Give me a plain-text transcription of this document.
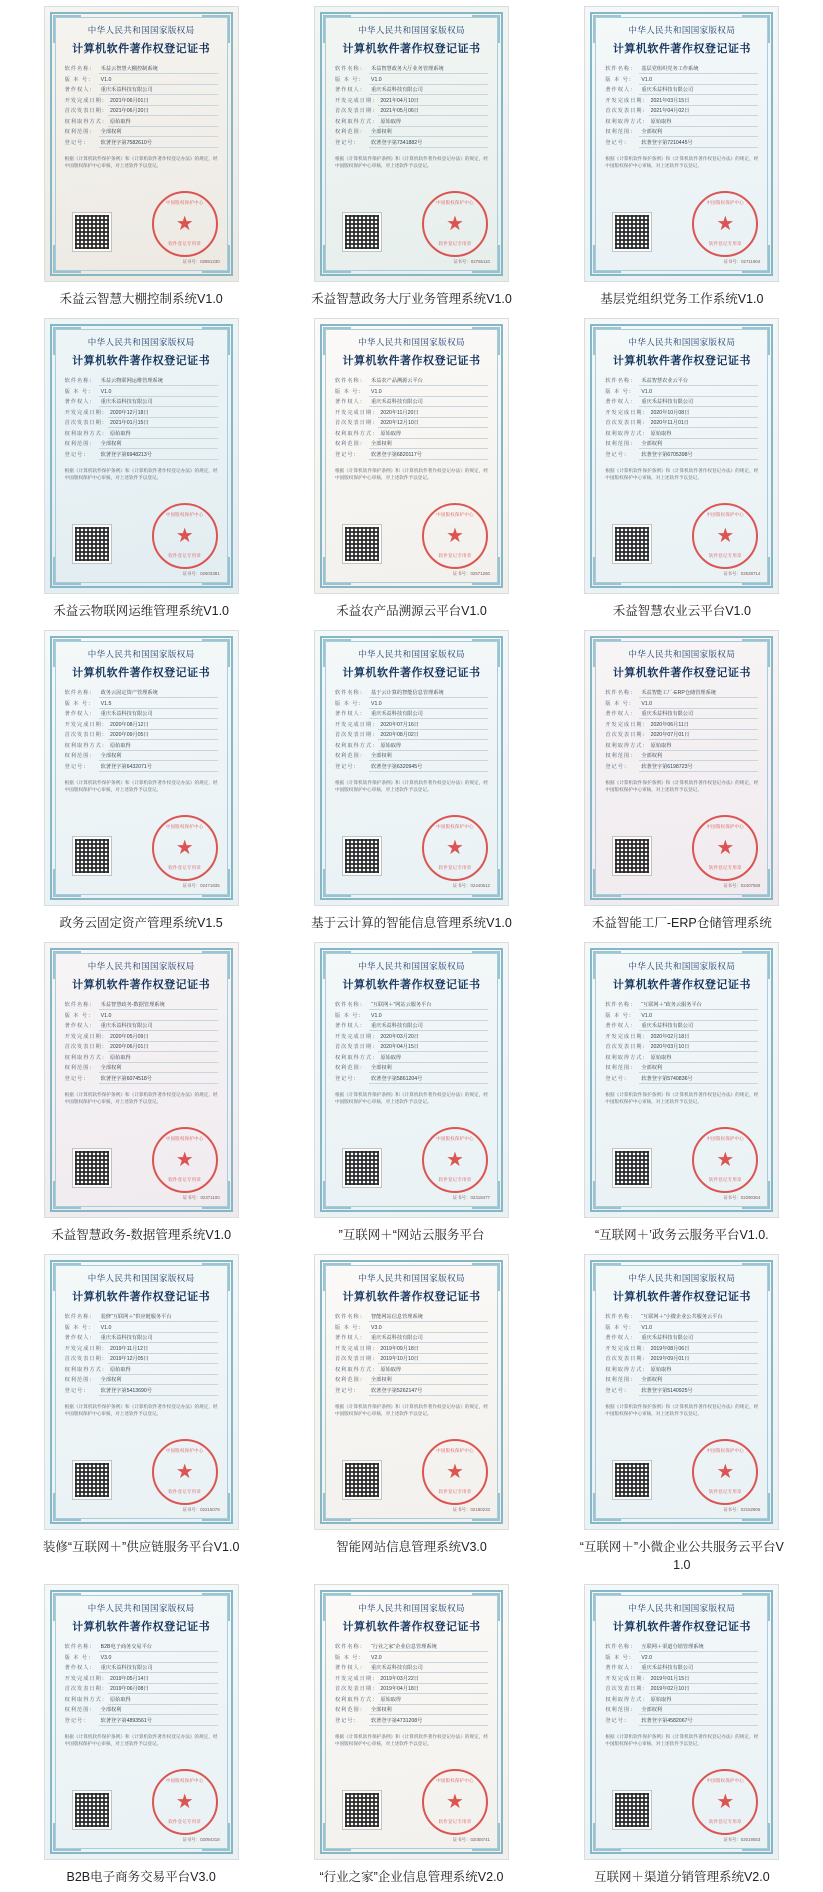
中华人民共和国国家版权局
计算机软件著作权登记证书
软件名称： 禾益云智慧大棚控制系统
版 本 号：	V1.0
著作权人： 重庆禾益科技有限公司
开发完成日期： 2021年06月01日
首次发表日期： 2021年06月20日
权利取得方式： 原始取得
权利范围： 全部权利
登记号：	软著登字第7582610号
根据《计算机软件保护条例》和《计算机软件著作权登记办法》的规定，经中国版权保护中心审核，对上述软件予以登记。
中国版权保护中心
★
软件登记专用章
证书号：02891230
禾益云智慧大棚控制系统V1.0
中华人民共和国国家版权局
计算机软件著作权登记证书
软件名称： 禾益智慧政务大厅业务管理系统
版 本 号：	V1.0
著作权人： 重庆禾益科技有限公司
开发完成日期： 2021年04月10日
首次发表日期： 2021年05月06日
权利取得方式： 原始取得
权利范围： 全部权利
登记号：	软著登字第7341882号
根据《计算机软件保护条例》和《计算机软件著作权登记办法》的规定，经中国版权保护中心审核，对上述软件予以登记。
中国版权保护中心
★
软件登记专用章
证书号：02765110
禾益智慧政务大厅业务管理系统V1.0
中华人民共和国国家版权局
计算机软件著作权登记证书
软件名称： 基层党组织党务工作系统
版 本 号：	V1.0
著作权人： 重庆禾益科技有限公司
开发完成日期： 2021年03月15日
首次发表日期： 2021年04月02日
权利取得方式： 原始取得
权利范围： 全部权利
登记号：	软著登字第7210445号
根据《计算机软件保护条例》和《计算机软件著作权登记办法》的规定，经中国版权保护中心审核，对上述软件予以登记。
中国版权保护中心
★
软件登记专用章
证书号：02711904
基层党组织党务工作系统V1.0
中华人民共和国国家版权局
计算机软件著作权登记证书
软件名称： 禾益云物联网运维管理系统
版 本 号：	V1.0
著作权人： 重庆禾益科技有限公司
开发完成日期： 2020年12月18日
首次发表日期： 2021年01月15日
权利取得方式： 原始取得
权利范围： 全部权利
登记号：	软著登字第6948213号
根据《计算机软件保护条例》和《计算机软件著作权登记办法》的规定，经中国版权保护中心审核，对上述软件予以登记。
中国版权保护中心
★
软件登记专用章
证书号：02603381
禾益云物联网运维管理系统V1.0
中华人民共和国国家版权局
计算机软件著作权登记证书
软件名称： 禾益农产品溯源云平台
版 本 号：	V1.0
著作权人： 重庆禾益科技有限公司
开发完成日期： 2020年11月20日
首次发表日期： 2020年12月10日
权利取得方式： 原始取得
权利范围： 全部权利
登记号：	软著登字第6820117号
根据《计算机软件保护条例》和《计算机软件著作权登记办法》的规定，经中国版权保护中心审核，对上述软件予以登记。
中国版权保护中心
★
软件登记专用章
证书号：02571260
禾益农产品溯源云平台V1.0
中华人民共和国国家版权局
计算机软件著作权登记证书
软件名称： 禾益智慧农业云平台
版 本 号：	V1.0
著作权人： 重庆禾益科技有限公司
开发完成日期： 2020年10月08日
首次发表日期： 2020年11月01日
权利取得方式： 原始取得
权利范围： 全部权利
登记号：	软著登字第6705398号
根据《计算机软件保护条例》和《计算机软件著作权登记办法》的规定，经中国版权保护中心审核，对上述软件予以登记。
中国版权保护中心
★
软件登记专用章
证书号：02528714
禾益智慧农业云平台V1.0
中华人民共和国国家版权局
计算机软件著作权登记证书
软件名称： 政务云固定资产管理系统
版 本 号：	V1.5
著作权人： 重庆禾益科技有限公司
开发完成日期： 2020年08月12日
首次发表日期： 2020年09月05日
权利取得方式： 原始取得
权利范围： 全部权利
登记号：	软著登字第6432071号
根据《计算机软件保护条例》和《计算机软件著作权登记办法》的规定，经中国版权保护中心审核，对上述软件予以登记。
中国版权保护中心
★
软件登记专用章
证书号：02471835
政务云固定资产管理系统V1.5
中华人民共和国国家版权局
计算机软件著作权登记证书
软件名称： 基于云计算的智能信息管理系统
版 本 号：	V1.0
著作权人： 重庆禾益科技有限公司
开发完成日期： 2020年07月16日
首次发表日期： 2020年08月02日
权利取得方式： 原始取得
权利范围： 全部权利
登记号：	软著登字第6320945号
根据《计算机软件保护条例》和《计算机软件著作权登记办法》的规定，经中国版权保护中心审核，对上述软件予以登记。
中国版权保护中心
★
软件登记专用章
证书号：02440612
基于云计算的智能信息管理系统V1.0
中华人民共和国国家版权局
计算机软件著作权登记证书
软件名称： 禾益智能工厂-ERP仓储管理系统
版 本 号：	V1.0
著作权人： 重庆禾益科技有限公司
开发完成日期： 2020年06月11日
首次发表日期： 2020年07月01日
权利取得方式： 原始取得
权利范围： 全部权利
登记号：	软著登字第6198723号
根据《计算机软件保护条例》和《计算机软件著作权登记办法》的规定，经中国版权保护中心审核，对上述软件予以登记。
中国版权保护中心
★
软件登记专用章
证书号：02407559
禾益智能工厂-ERP仓储管理系统
中华人民共和国国家版权局
计算机软件著作权登记证书
软件名称： 禾益智慧政务-数据管理系统
版 本 号：	V1.0
著作权人： 重庆禾益科技有限公司
开发完成日期： 2020年05月09日
首次发表日期： 2020年06月01日
权利取得方式： 原始取得
权利范围： 全部权利
登记号：	软著登字第6074518号
根据《计算机软件保护条例》和《计算机软件著作权登记办法》的规定，经中国版权保护中心审核，对上述软件予以登记。
中国版权保护中心
★
软件登记专用章
证书号：02371100
禾益智慧政务-数据管理系统V1.0
中华人民共和国国家版权局
计算机软件著作权登记证书
软件名称： “互联网＋”网站云服务平台
版 本 号：	V1.0
著作权人： 重庆禾益科技有限公司
开发完成日期： 2020年03月20日
首次发表日期： 2020年04月15日
权利取得方式： 原始取得
权利范围： 全部权利
登记号：	软著登字第5861204号
根据《计算机软件保护条例》和《计算机软件著作权登记办法》的规定，经中国版权保护中心审核，对上述软件予以登记。
中国版权保护中心
★
软件登记专用章
证书号：02318477
”互联网＋“网站云服务平台
中华人民共和国国家版权局
计算机软件著作权登记证书
软件名称： “互联网＋”政务云服务平台
版 本 号：	V1.0
著作权人： 重庆禾益科技有限公司
开发完成日期： 2020年02月18日
首次发表日期： 2020年03月10日
权利取得方式： 原始取得
权利范围： 全部权利
登记号：	软著登字第5740836号
根据《计算机软件保护条例》和《计算机软件著作权登记办法》的规定，经中国版权保护中心审核，对上述软件予以登记。
中国版权保护中心
★
软件登记专用章
证书号：02290364
“互联网＋’政务云服务平台V1.0.
中华人民共和国国家版权局
计算机软件著作权登记证书
软件名称： 装修“互联网＋”供应链服务平台
版 本 号：	V1.0
著作权人： 重庆禾益科技有限公司
开发完成日期： 2019年11月12日
首次发表日期： 2019年12月05日
权利取得方式： 原始取得
权利范围： 全部权利
登记号：	软著登字第5413690号
根据《计算机软件保护条例》和《计算机软件著作权登记办法》的规定，经中国版权保护中心审核，对上述软件予以登记。
中国版权保护中心
★
软件登记专用章
证书号：02215078
装修“互联网＋”供应链服务平台V1.0
中华人民共和国国家版权局
计算机软件著作权登记证书
软件名称： 智能网站信息管理系统
版 本 号：	V3.0
著作权人： 重庆禾益科技有限公司
开发完成日期： 2019年09月18日
首次发表日期： 2019年10月10日
权利取得方式： 原始取得
权利范围： 全部权利
登记号：	软著登字第5262147号
根据《计算机软件保护条例》和《计算机软件著作权登记办法》的规定，经中国版权保护中心审核，对上述软件予以登记。
中国版权保护中心
★
软件登记专用章
证书号：02180233
智能网站信息管理系统V3.0
中华人民共和国国家版权局
计算机软件著作权登记证书
软件名称： “互联网＋”小微企业公共服务云平台
版 本 号：	V1.0
著作权人： 重庆禾益科技有限公司
开发完成日期： 2019年08月06日
首次发表日期： 2019年09月01日
权利取得方式： 原始取得
权利范围： 全部权利
登记号：	软著登字第5140925号
根据《计算机软件保护条例》和《计算机软件著作权登记办法》的规定，经中国版权保护中心审核，对上述软件予以登记。
中国版权保护中心
★
软件登记专用章
证书号：02152906
“互联网＋”小微企业公共服务云平台V1.0
中华人民共和国国家版权局
计算机软件著作权登记证书
软件名称： B2B电子商务交易平台
版 本 号：	V3.0
著作权人： 重庆禾益科技有限公司
开发完成日期： 2019年05月14日
首次发表日期： 2019年06月08日
权利取得方式： 原始取得
权利范围： 全部权利
登记号：	软著登字第4893561号
根据《计算机软件保护条例》和《计算机软件著作权登记办法》的规定，经中国版权保护中心审核，对上述软件予以登记。
中国版权保护中心
★
软件登记专用章
证书号：02094318
B2B电子商务交易平台V3.0
中华人民共和国国家版权局
计算机软件著作权登记证书
软件名称： “行业之家”企业信息管理系统
版 本 号：	V2.0
著作权人： 重庆禾益科技有限公司
开发完成日期： 2019年03月22日
首次发表日期： 2019年04月18日
权利取得方式： 原始取得
权利范围： 全部权利
登记号：	软著登字第4731208号
根据《计算机软件保护条例》和《计算机软件著作权登记办法》的规定，经中国版权保护中心审核，对上述软件予以登记。
中国版权保护中心
★
软件登记专用章
证书号：02058741
“行业之家”企业信息管理系统V2.0
中华人民共和国国家版权局
计算机软件著作权登记证书
软件名称： 互联网＋渠道分销管理系统
版 本 号：	V2.0
著作权人： 重庆禾益科技有限公司
开发完成日期： 2019年01月15日
首次发表日期： 2019年02月10日
权利取得方式： 原始取得
权利范围： 全部权利
登记号：	软著登字第4582067号
根据《计算机软件保护条例》和《计算机软件著作权登记办法》的规定，经中国版权保护中心审核，对上述软件予以登记。
中国版权保护中心
★
软件登记专用章
证书号：02019553
互联网＋渠道分销管理系统V2.0
